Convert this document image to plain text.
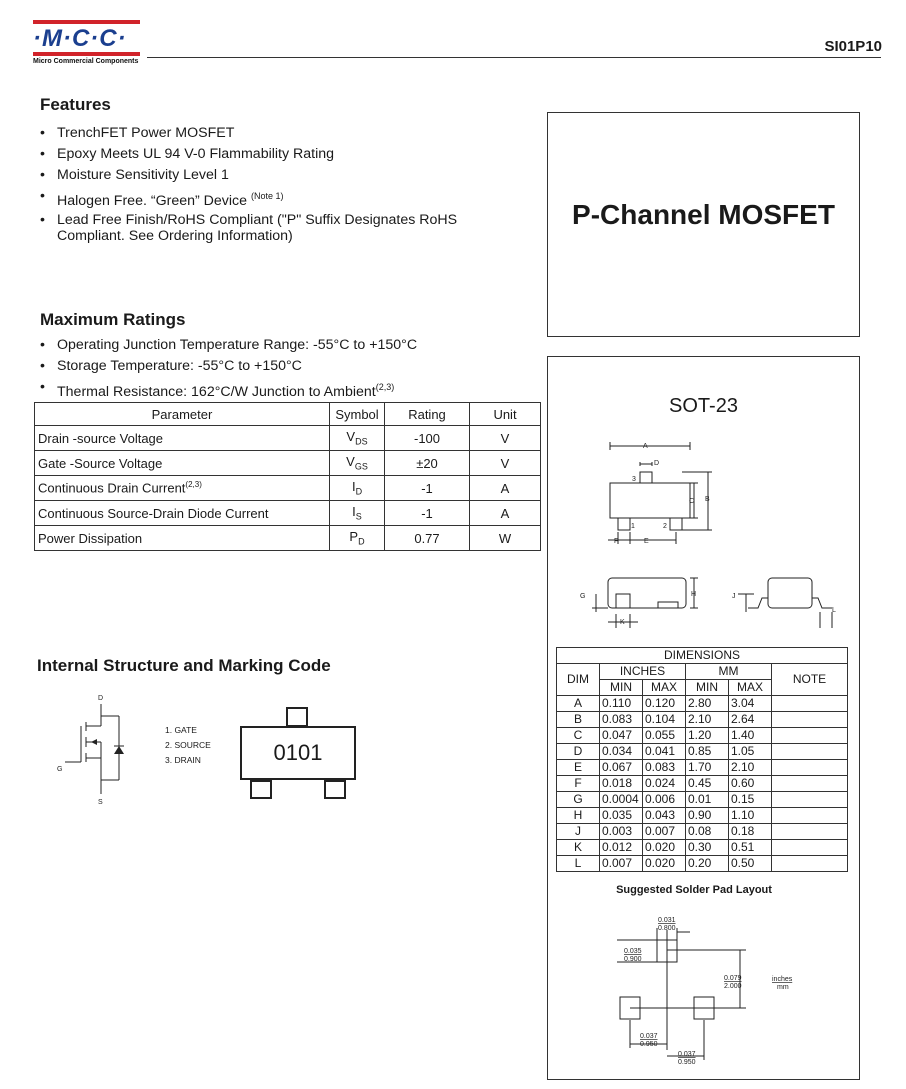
·M·C·C·
Micro Commercial Components
SI01P10
Features
• TrenchFET Power MOSFET
• Epoxy Meets UL 94 V-0 Flammability Rating
• Moisture Sensitivity Level 1
• Halogen Free. “Green” Device $^{(Note 1)}$
• Lead Free Finish/RoHS Compliant ("P" Suffix Designates RoHS
Compliant. See Ordering Information)
Maximum Ratings
• Operating Junction Temperature Range: -55°C to +150°C
• Storage Temperature: -55°C to +150°C
• Thermal Resistance: 162°C/W Junction to Ambient$^{(2,3)}$
Parameter	Symbol	Rating	Unit
Drain -source Voltage	$V_{DS}$	-100	V
Gate -Source Voltage	$V_{GS}$	±20	V
Continuous Drain Current$^{(2,3)}$	$I_D$	-1	A
Continuous Source-Drain Diode Current	$I_S$	-1	A
Power Dissipation	$P_D$	0.77	W
Internal Structure and Marking Code
D
G
S
1. GATE
2. SOURCE
3. DRAIN	0101
P-Channel MOSFET
SOT-23
A
D
3
C B
1	2
F	E
G	H
K
J
L
DIMENSIONS					
DIM	INCHES		MM		NOTE
	MIN	MAX	MIN	MAX	
A	0.110	0.120	2.80	3.04	
B	0.083	0.104	2.10	2.64	
C	0.047	0.055	1.20	1.40	
D	0.034	0.041	0.85	1.05	
E	0.067	0.083	1.70	2.10	
F	0.018	0.024	0.45	0.60	
G	0.0004	0.006	0.01	0.15	
H	0.035	0.043	0.90	1.10	
J	0.003	0.007	0.08	0.18	
K	0.012	0.020	0.30	0.51	
L	0.007	0.020	0.20	0.50	
Suggested Solder Pad Layout
0.031
0.800
0.035
0.900
0.079
2.000
inches
mm
0.037
0.950
0.037
0.950
